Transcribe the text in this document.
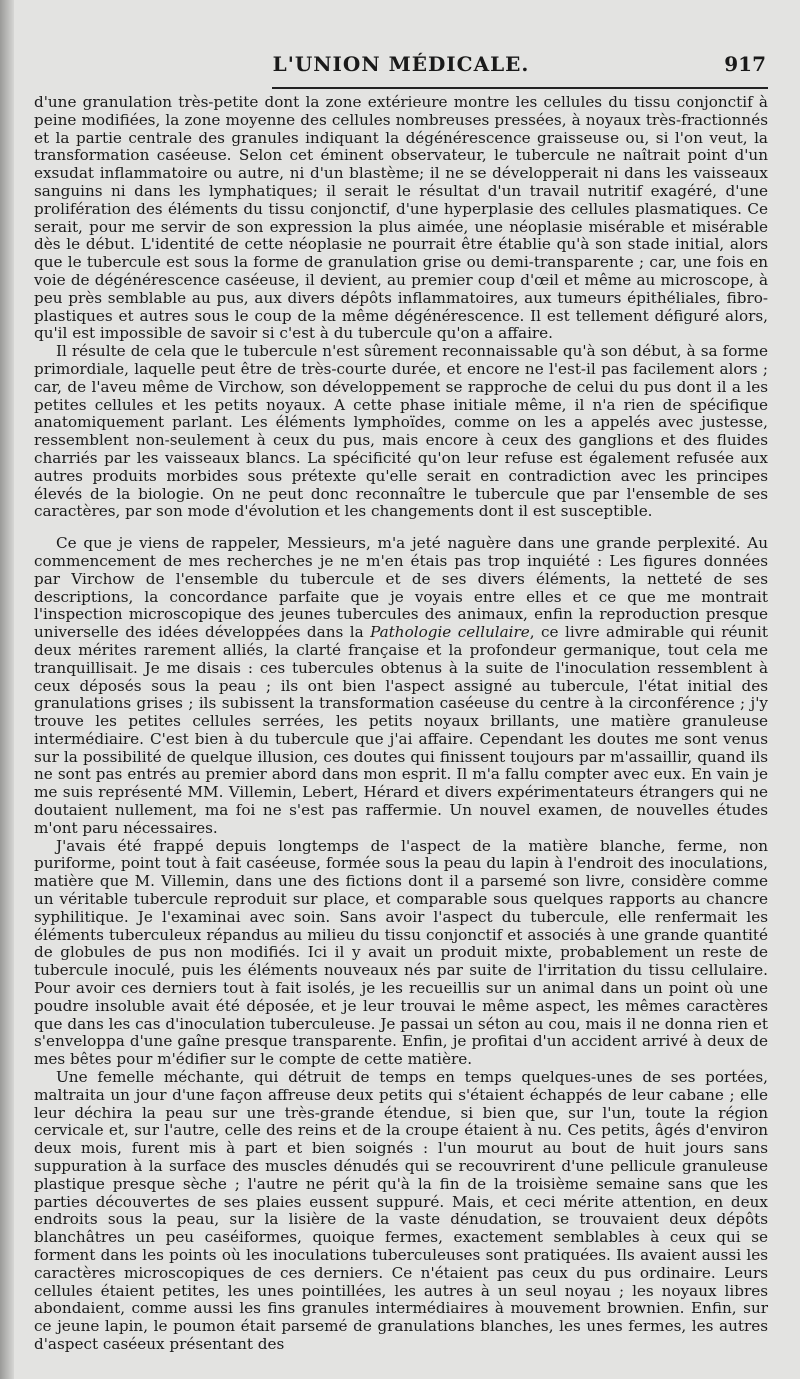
L'UNION MÉDICALE.	917

d'une granulation très-petite dont la zone extérieure montre les cellules du tissu conjonctif à peine modifiées, la zone moyenne des cellules nombreuses pressées, à noyaux très-fractionnés et la partie centrale des granules indiquant la dégénérescence graisseuse ou, si l'on veut, la transformation caséeuse. Selon cet éminent observateur, le tubercule ne naîtrait point d'un exsudat inflammatoire ou autre, ni d'un blastème; il ne se développerait ni dans les vaisseaux sanguins ni dans les lymphatiques; il serait le résultat d'un travail nutritif exagéré, d'une prolifération des éléments du tissu conjonctif, d'une hyperplasie des cellules plasmatiques. Ce serait, pour me servir de son expression la plus aimée, une néoplasie misérable et misérable dès le début. L'identité de cette néoplasie ne pourrait être établie qu'à son stade initial, alors que le tubercule est sous la forme de granulation grise ou demi-transparente ; car, une fois en voie de dégénérescence caséeuse, il devient, au premier coup d'œil et même au microscope, à peu près semblable au pus, aux divers dépôts inflammatoires, aux tumeurs épithéliales, fibro-plastiques et autres sous le coup de la même dégénérescence. Il est tellement défiguré alors, qu'il est impossible de savoir si c'est à du tubercule qu'on a affaire.

Il résulte de cela que le tubercule n'est sûrement reconnaissable qu'à son début, à sa forme primordiale, laquelle peut être de très-courte durée, et encore ne l'est-il pas facilement alors ; car, de l'aveu même de Virchow, son développement se rapproche de celui du pus dont il a les petites cellules et les petits noyaux. A cette phase initiale même, il n'a rien de spécifique anatomiquement parlant. Les éléments lymphoïdes, comme on les a appelés avec justesse, ressemblent non-seulement à ceux du pus, mais encore à ceux des ganglions et des fluides charriés par les vaisseaux blancs. La spécificité qu'on leur refuse est également refusée aux autres produits morbides sous prétexte qu'elle serait en contradiction avec les principes élevés de la biologie. On ne peut donc reconnaître le tubercule que par l'ensemble de ses caractères, par son mode d'évolution et les changements dont il est susceptible.

Ce que je viens de rappeler, Messieurs, m'a jeté naguère dans une grande perplexité. Au commencement de mes recherches je ne m'en étais pas trop inquiété : Les figures données par Virchow de l'ensemble du tubercule et de ses divers éléments, la netteté de ses descriptions, la concordance parfaite que je voyais entre elles et ce que me montrait l'inspection microscopique des jeunes tubercules des animaux, enfin la reproduction presque universelle des idées développées dans la Pathologie cellulaire, ce livre admirable qui réunit deux mérites rarement alliés, la clarté française et la profondeur germanique, tout cela me tranquillisait. Je me disais : ces tubercules obtenus à la suite de l'inoculation ressemblent à ceux déposés sous la peau ; ils ont bien l'aspect assigné au tubercule, l'état initial des granulations grises ; ils subissent la transformation caséeuse du centre à la circonférence ; j'y trouve les petites cellules serrées, les petits noyaux brillants, une matière granuleuse intermédiaire. C'est bien à du tubercule que j'ai affaire. Cependant les doutes me sont venus sur la possibilité de quelque illusion, ces doutes qui finissent toujours par m'assaillir, quand ils ne sont pas entrés au premier abord dans mon esprit. Il m'a fallu compter avec eux. En vain je me suis représenté MM. Villemin, Lebert, Hérard et divers expérimentateurs étrangers qui ne doutaient nullement, ma foi ne s'est pas raffermie. Un nouvel examen, de nouvelles études m'ont paru nécessaires.

J'avais été frappé depuis longtemps de l'aspect de la matière blanche, ferme, non puriforme, point tout à fait caséeuse, formée sous la peau du lapin à l'endroit des inoculations, matière que M. Villemin, dans une des fictions dont il a parsemé son livre, considère comme un véritable tubercule reproduit sur place, et comparable sous quelques rapports au chancre syphilitique. Je l'examinai avec soin. Sans avoir l'aspect du tubercule, elle renfermait les éléments tuberculeux répandus au milieu du tissu conjonctif et associés à une grande quantité de globules de pus non modifiés. Ici il y avait un produit mixte, probablement un reste de tubercule inoculé, puis les éléments nouveaux nés par suite de l'irritation du tissu cellulaire. Pour avoir ces derniers tout à fait isolés, je les recueillis sur un animal dans un point où une poudre insoluble avait été déposée, et je leur trouvai le même aspect, les mêmes caractères que dans les cas d'inoculation tuberculeuse. Je passai un séton au cou, mais il ne donna rien et s'enveloppa d'une gaîne presque transparente. Enfin, je profitai d'un accident arrivé à deux de mes bêtes pour m'édifier sur le compte de cette matière.

Une femelle méchante, qui détruit de temps en temps quelques-unes de ses portées, maltraita un jour d'une façon affreuse deux petits qui s'étaient échappés de leur cabane ; elle leur déchira la peau sur une très-grande étendue, si bien que, sur l'un, toute la région cervicale et, sur l'autre, celle des reins et de la croupe étaient à nu. Ces petits, âgés d'environ deux mois, furent mis à part et bien soignés : l'un mourut au bout de huit jours sans suppuration à la surface des muscles dénudés qui se recouvrirent d'une pellicule granuleuse plastique presque sèche ; l'autre ne périt qu'à la fin de la troisième semaine sans que les parties découvertes de ses plaies eussent suppuré. Mais, et ceci mérite attention, en deux endroits sous la peau, sur la lisière de la vaste dénudation, se trouvaient deux dépôts blanchâtres un peu caséiformes, quoique fermes, exactement semblables à ceux qui se forment dans les points où les inoculations tuberculeuses sont pratiquées. Ils avaient aussi les caractères microscopiques de ces derniers. Ce n'étaient pas ceux du pus ordinaire. Leurs cellules étaient petites, les unes pointillées, les autres à un seul noyau ; les noyaux libres abondaient, comme aussi les fins granules intermédiaires à mouvement brownien. Enfin, sur ce jeune lapin, le poumon était parsemé de granulations blanches, les unes fermes, les autres d'aspect caséeux présentant des
